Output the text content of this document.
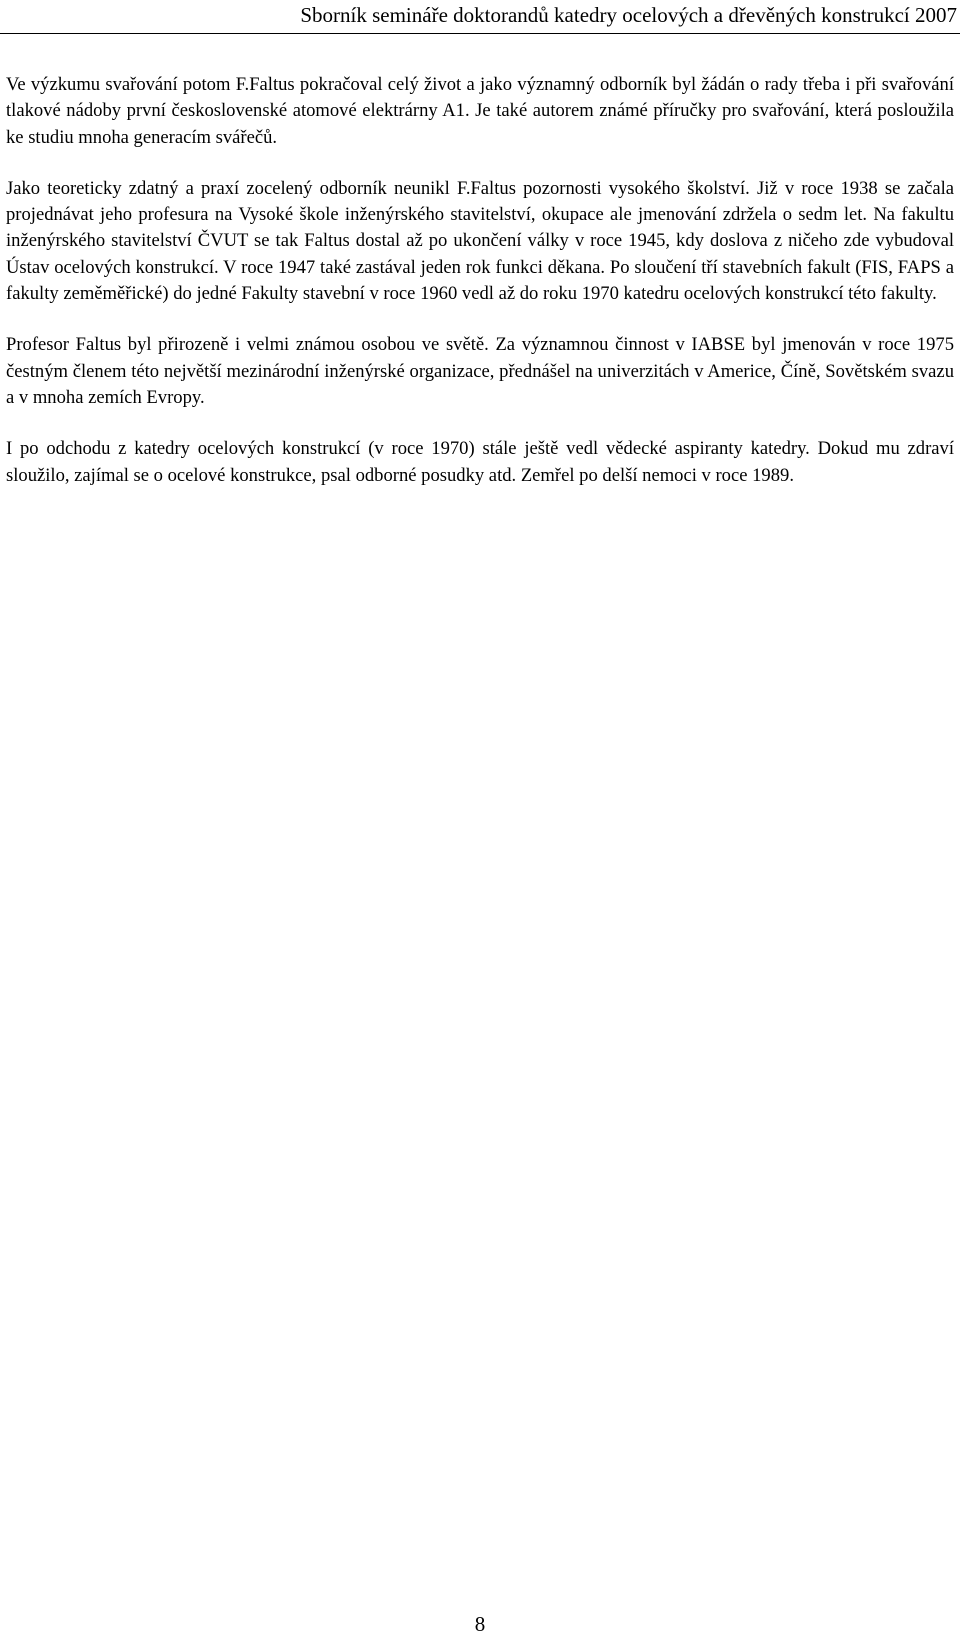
Sborník semináře doktorandů katedry ocelových a dřevěných konstrukcí 2007

Ve výzkumu svařování potom F.Faltus pokračoval celý život a jako významný odborník byl žádán o rady třeba i při svařování tlakové nádoby první československé atomové elektrárny A1. Je také autorem známé příručky pro svařování, která posloužila ke studiu mnoha generacím svářečů.

Jako teoreticky zdatný a praxí zocelený odborník neunikl F.Faltus pozornosti vysokého školství. Již v roce 1938 se začala projednávat jeho profesura na Vysoké škole inženýrského stavitelství, okupace ale jmenování zdržela o sedm let. Na fakultu inženýrského stavitelství ČVUT se tak Faltus dostal až po ukončení války v roce 1945, kdy doslova z ničeho zde vybudoval Ústav ocelových konstrukcí. V roce 1947 také zastával jeden rok funkci děkana. Po sloučení tří stavebních fakult (FIS, FAPS a fakulty zeměměřické) do jedné Fakulty stavební v roce 1960 vedl až do roku 1970 katedru ocelových konstrukcí této fakulty.

Profesor Faltus byl přirozeně i velmi známou osobou ve světě. Za významnou činnost v IABSE byl jmenován v roce 1975 čestným členem této největší mezinárodní inženýrské organizace, přednášel na univerzitách v Americe, Číně, Sovětském svazu a v mnoha zemích Evropy.

I po odchodu z katedry ocelových konstrukcí (v roce 1970) stále ještě vedl vědecké aspiranty katedry. Dokud mu zdraví sloužilo, zajímal se o ocelové konstrukce, psal odborné posudky atd. Zemřel po delší nemoci v roce 1989.

8
